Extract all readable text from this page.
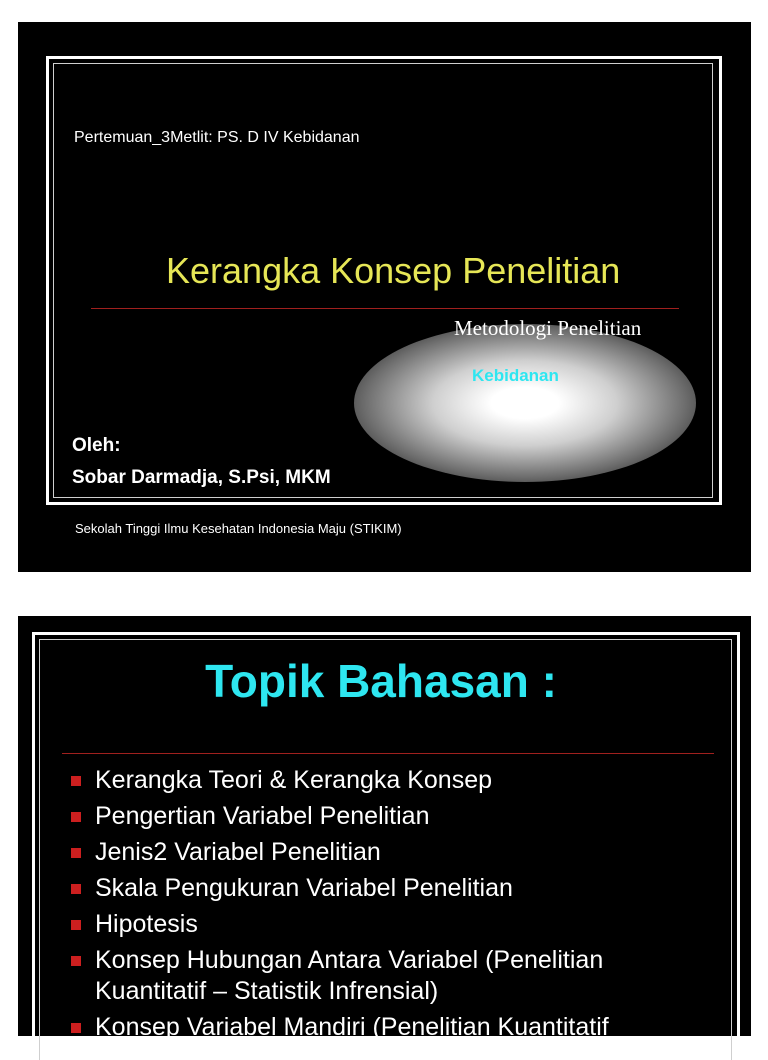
Pertemuan_3Metlit: PS. D IV Kebidanan
Kerangka Konsep Penelitian
Metodologi Penelitian
Kebidanan
Oleh:
Sobar Darmadja, S.Psi, MKM
Sekolah Tinggi Ilmu Kesehatan Indonesia Maju (STIKIM)
Topik Bahasan :
Kerangka Teori & Kerangka Konsep
Pengertian Variabel Penelitian
Jenis2 Variabel Penelitian
Skala Pengukuran Variabel Penelitian
Hipotesis
Konsep Hubungan Antara Variabel (Penelitian Kuantitatif – Statistik Infrensial)
Konsep Variabel Mandiri (Penelitian Kuantitatif
